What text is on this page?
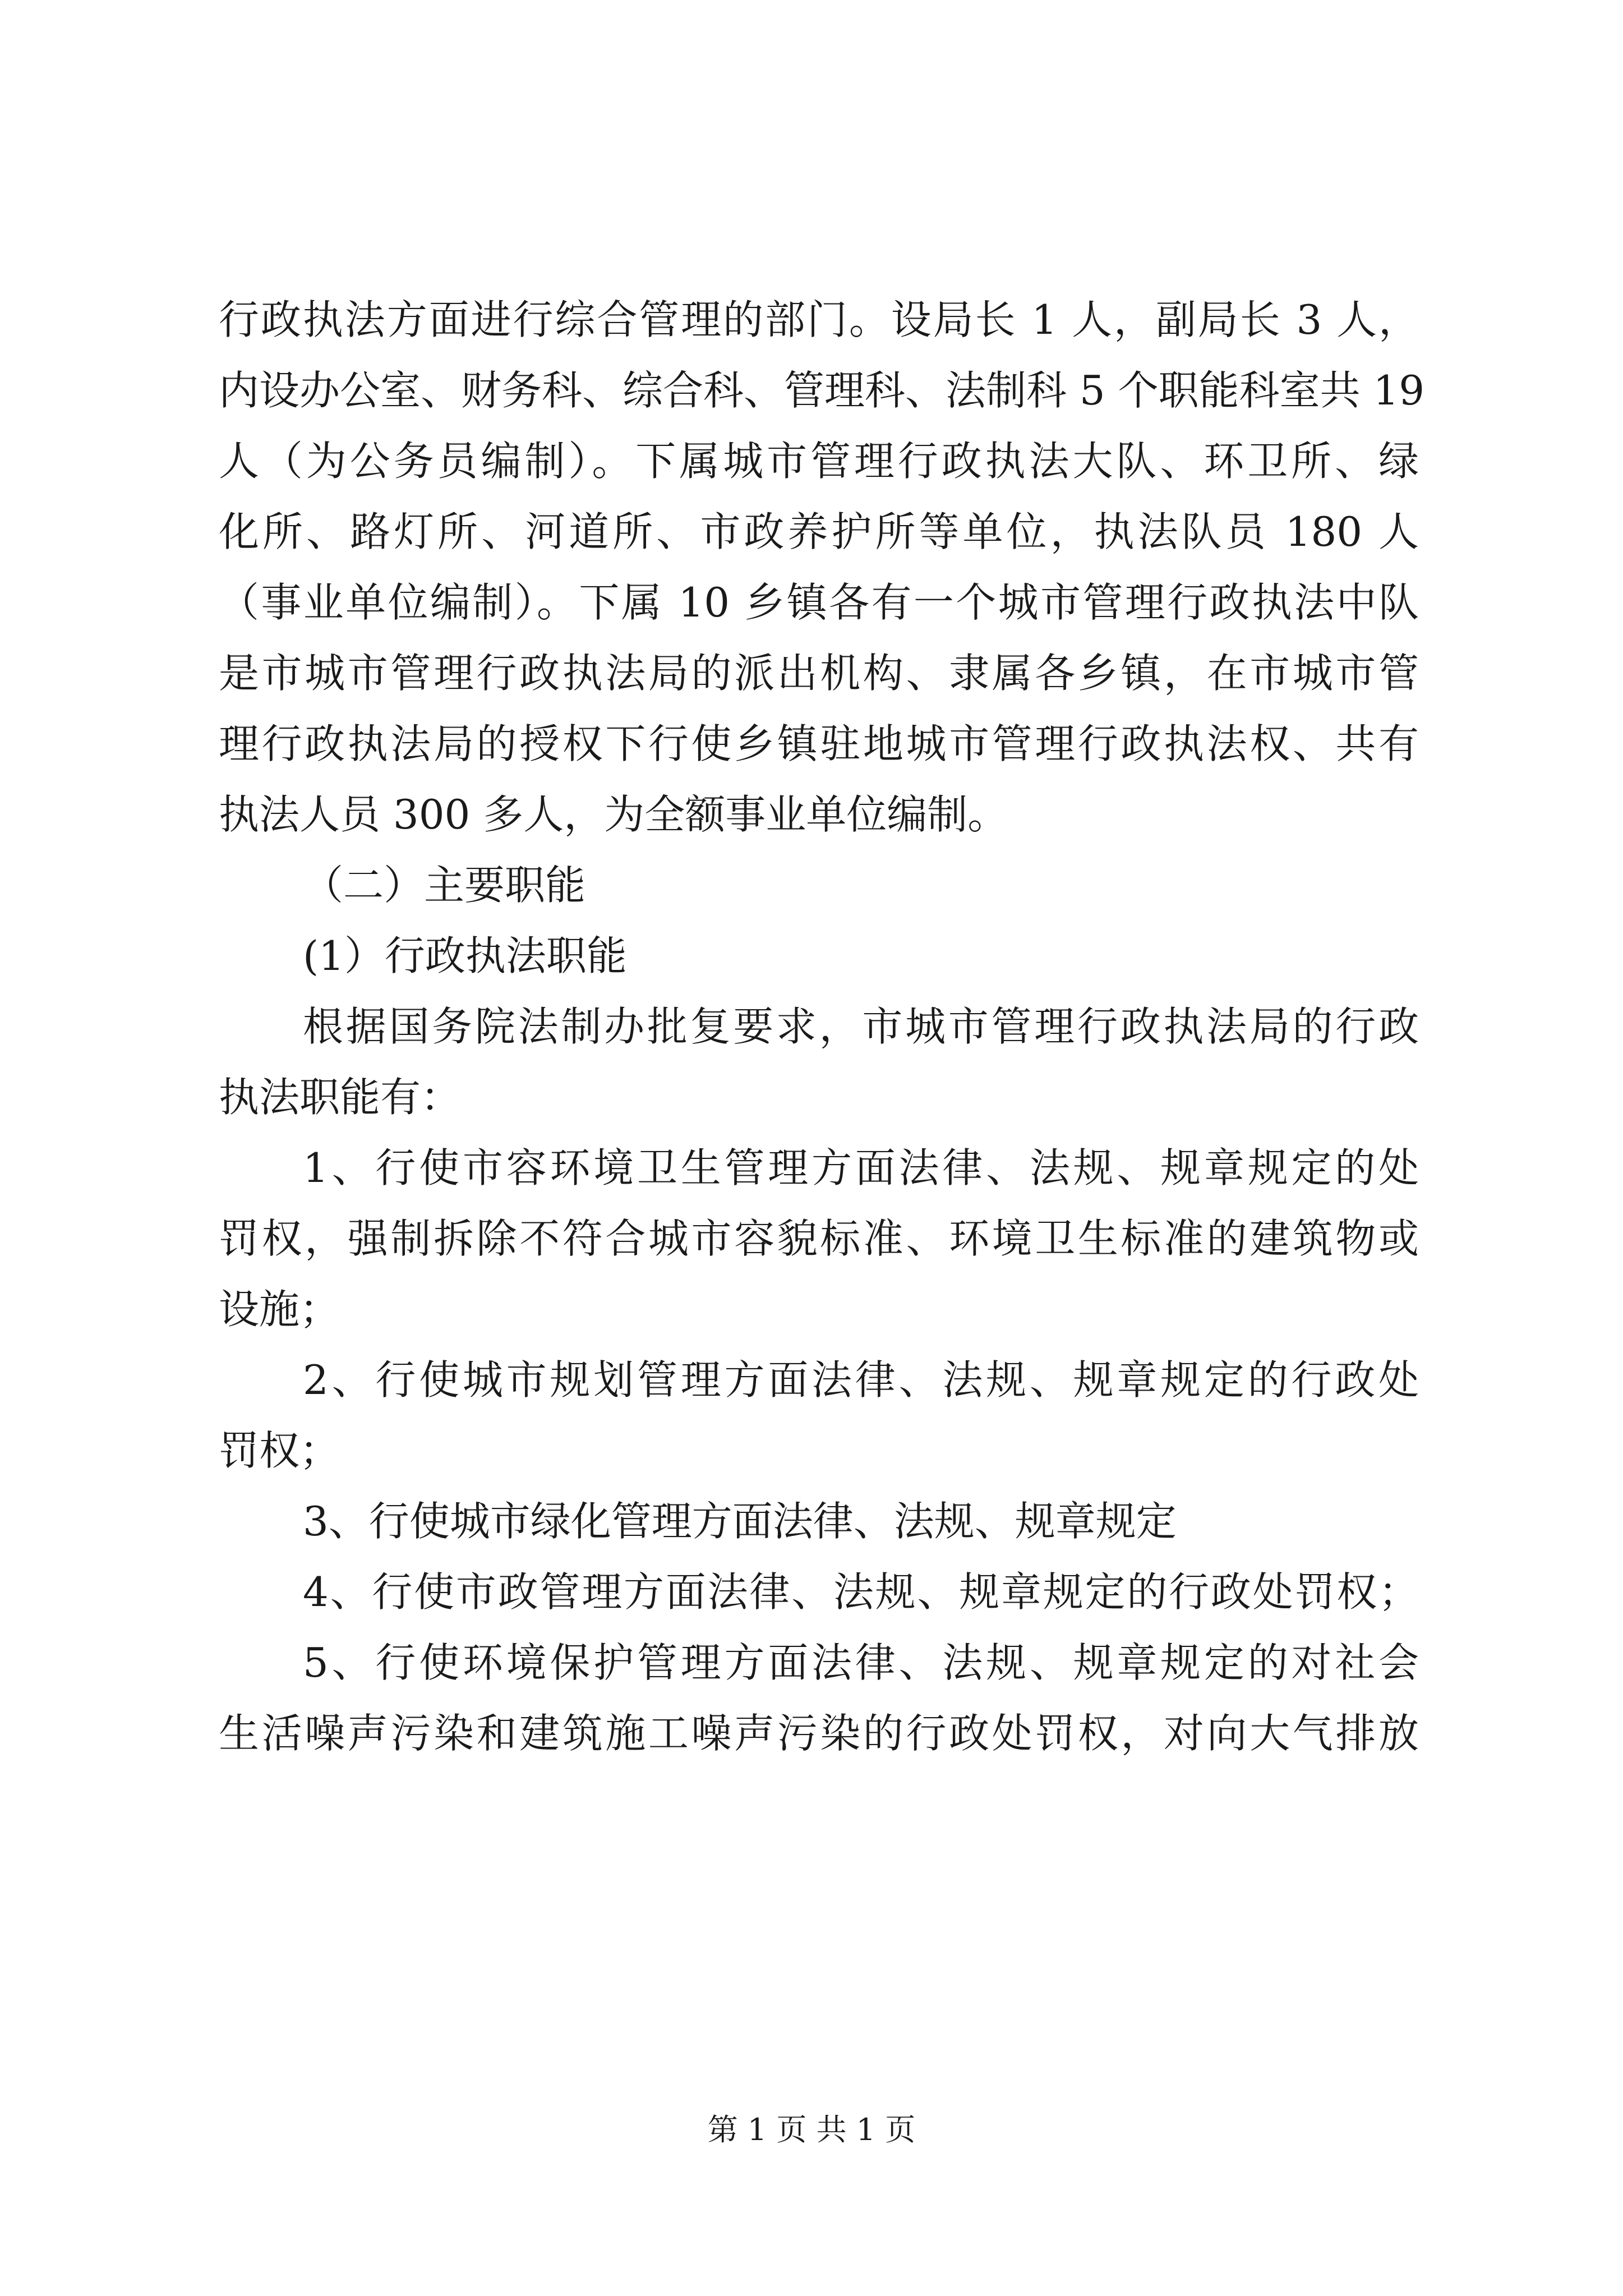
行政执法方面进行综合管理的部门。设局长 1 人，副局长 3 人，
内设办公室、财务科、综合科、管理科、法制科 5 个职能科室共 19
人（为公务员编制）。下属城市管理行政执法大队、环卫所、绿
化所、路灯所、河道所、市政养护所等单位，执法队员 180 人
（事业单位编制）。下属 10 乡镇各有一个城市管理行政执法中队
是市城市管理行政执法局的派出机构、隶属各乡镇，在市城市管
理行政执法局的授权下行使乡镇驻地城市管理行政执法权、共有
执法人员 300 多人，为全额事业单位编制。
（二）主要职能
(1）行政执法职能
根据国务院法制办批复要求，市城市管理行政执法局的行政
执法职能有：
1、行使市容环境卫生管理方面法律、法规、规章规定的处
罚权，强制拆除不符合城市容貌标准、环境卫生标准的建筑物或
设施；
2、行使城市规划管理方面法律、法规、规章规定的行政处
罚权；
3、行使城市绿化管理方面法律、法规、规章规定
4、行使市政管理方面法律、法规、规章规定的行政处罚权；
5、行使环境保护管理方面法律、法规、规章规定的对社会
生活噪声污染和建筑施工噪声污染的行政处罚权，对向大气排放
第 1 页 共 1 页
